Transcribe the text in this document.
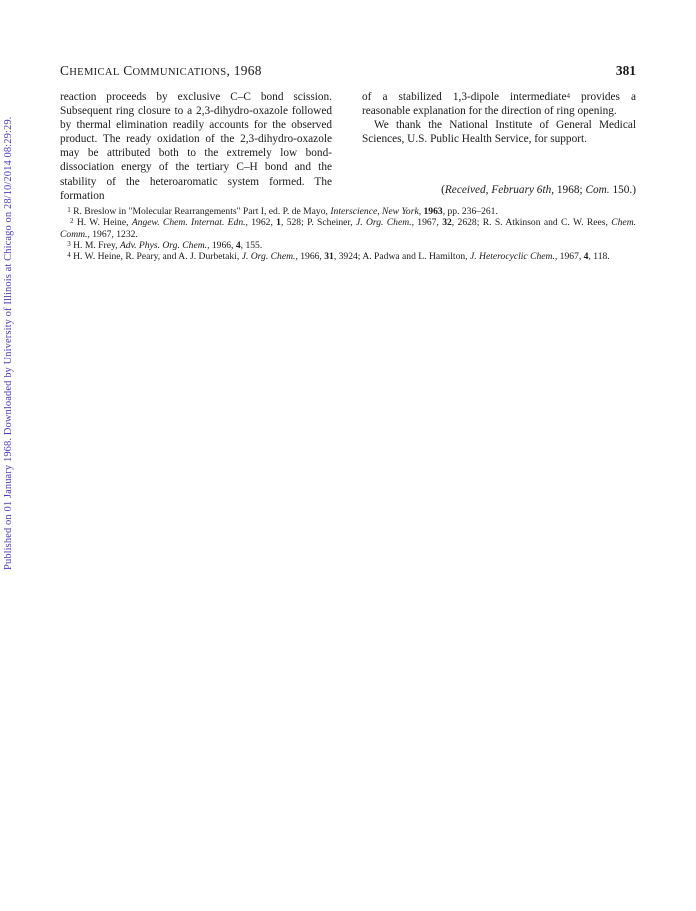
Published on 01 January 1968. Downloaded by University of Illinois at Chicago on 28/10/2014 08:29:29.
CHEMICAL COMMUNICATIONS, 1968	381

reaction proceeds by exclusive C–C bond scission. Subsequent ring closure to a 2,3-dihydro-oxazole followed by thermal elimination readily accounts for the observed product. The ready oxidation of the 2,3-dihydro-oxazole may be attributed both to the extremely low bond-dissociation energy of the tertiary C–H bond and the stability of the heteroaromatic system formed. The formation

of a stabilized 1,3-dipole intermediate$^4$ provides a reasonable explanation for the direction of ring opening.

We thank the National Institute of General Medical Sciences, U.S. Public Health Service, for support.

(Received, February 6th, 1968; Com. 150.)

$^1$ R. Breslow in "Molecular Rearrangements" Part I, ed. P. de Mayo, Interscience, New York, 1963, pp. 236–261.

$^2$ H. W. Heine, Angew. Chem. Internat. Edn., 1962, 1, 528; P. Scheiner, J. Org. Chem., 1967, 32, 2628; R. S. Atkinson and C. W. Rees, Chem. Comm., 1967, 1232.

$^3$ H. M. Frey, Adv. Phys. Org. Chem., 1966, 4, 155.

$^4$ H. W. Heine, R. Peary, and A. J. Durbetaki, J. Org. Chem., 1966, 31, 3924; A. Padwa and L. Hamilton, J. Heterocyclic Chem., 1967, 4, 118.
